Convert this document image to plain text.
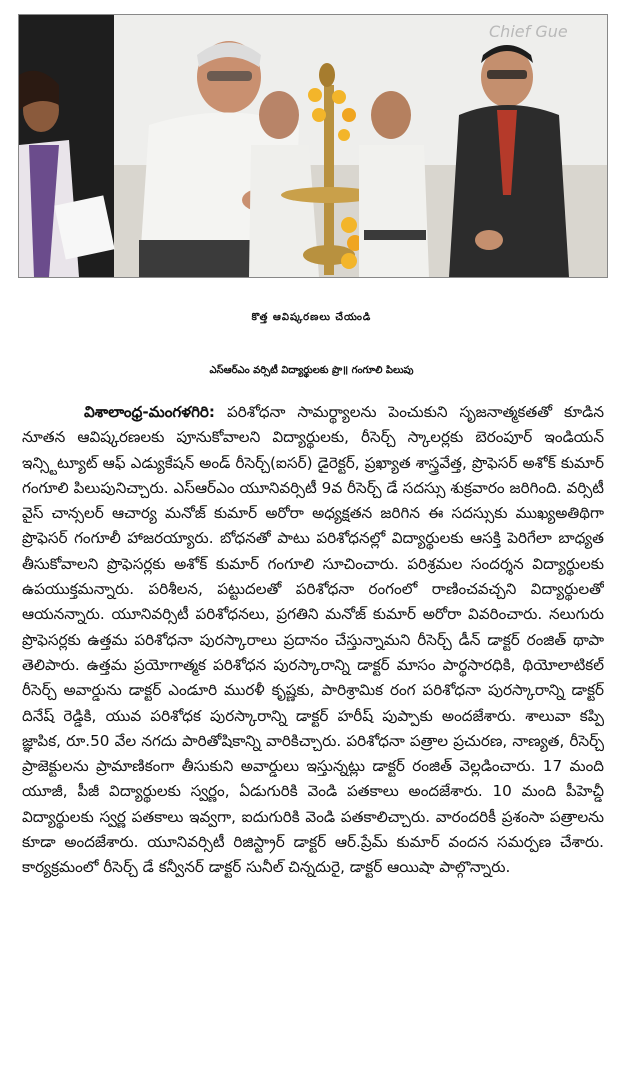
Chief Gue
కొత్త ఆవిష్కరణలు చేయండి
ఎస్ఆర్ఎం వర్సిటీ విద్యార్థులకు ప్రొ॥ గంగూలి పిలుపు
విశాలాంధ్ర-మంగళగిరి: పరిశోధనా సామర్థ్యాలను పెంచుకుని సృజనాత్మకతతో కూడిన నూతన ఆవిష్కరణలకు పూనుకోవాలని విద్యార్థులకు, రీసెర్చ్ స్కాలర్లకు బెరంపూర్ ఇండియన్ ఇన్స్టిట్యూట్ ఆఫ్ ఎడ్యుకేషన్ అండ్ రీసెర్చ్(ఐసర్) డైరెక్టర్, ప్రఖ్యాత శాస్త్రవేత్త, ప్రొఫెసర్ అశోక్ కుమార్ గంగూలి పిలుపునిచ్చారు. ఎస్ఆర్ఎం యూనివర్సిటీ 9వ రీసెర్చ్ డే సదస్సు శుక్రవారం జరిగింది. వర్సిటీ వైస్ చాన్సలర్ ఆచార్య మనోజ్ కుమార్ అరోరా అధ్యక్షతన జరిగిన ఈ సదస్సుకు ముఖ్యఅతిథిగా ప్రొఫెసర్ గంగూలీ హాజరయ్యారు. బోధనతో పాటు పరిశోధనల్లో విద్యార్థులకు ఆసక్తి పెరిగేలా బాధ్యత తీసుకోవాలని ప్రొఫెసర్లకు అశోక్ కుమార్ గంగూలి సూచించారు. పరిశ్రమల సందర్శన విద్యార్థులకు ఉపయుక్తమన్నారు. పరిశీలన, పట్టుదలతో పరిశోధనా రంగంలో రాణించవచ్చని విద్యార్థులతో ఆయనన్నారు. యూనివర్సిటీ పరిశోధనలు, ప్రగతిని మనోజ్ కుమార్ అరోరా వివరించారు. నలుగురు ప్రొఫెసర్లకు ఉత్తమ పరిశోధనా పురస్కారాలు ప్రదానం చేస్తున్నామని రీసెర్చ్ డీన్ డాక్టర్ రంజిత్ థాపా తెలిపారు. ఉత్తమ ప్రయోగాత్మక పరిశోధన పురస్కారాన్ని డాక్టర్ మాసం పార్థసారధికి, థియోలాటికల్ రీసెర్చ్ అవార్డును డాక్టర్ ఎండూరి మురళీ కృష్ణకు, పారిశ్రామిక రంగ పరిశోధనా పురస్కారాన్ని డాక్టర్ దినేష్ రెడ్డికి, యువ పరిశోధక పురస్కారాన్ని డాక్టర్ హరీష్ పుప్పాకు అందజేశారు. శాలువా కప్పి జ్ఞాపిక, రూ.50 వేల నగదు పారితోషికాన్ని వారికిచ్చారు. పరిశోధనా పత్రాల ప్రచురణ, నాణ్యత, రీసెర్చ్ ప్రాజెక్టులను ప్రామాణికంగా తీసుకుని అవార్డులు ఇస్తున్నట్లు డాక్టర్ రంజిత్ వెల్లడించారు. 17 మంది యూజీ, పీజీ విద్యార్థులకు స్వర్ణం, ఏడుగురికి వెండి పతకాలు అందజేశారు. 10 మంది పీహెచ్డీ విద్యార్థులకు స్వర్ణ పతకాలు ఇవ్వగా, ఐదుగురికి వెండి పతకాలిచ్చారు. వారందరికీ ప్రశంసా పత్రాలను కూడా అందజేశారు. యూనివర్సిటీ రిజిస్ట్రార్ డాక్టర్ ఆర్.ప్రేమ్ కుమార్ వందన సమర్పణ చేశారు. కార్యక్రమంలో రీసెర్చ్ డే కన్వీనర్ డాక్టర్ సునీల్ చిన్నదురై, డాక్టర్ ఆయిషా పాల్గొన్నారు.
